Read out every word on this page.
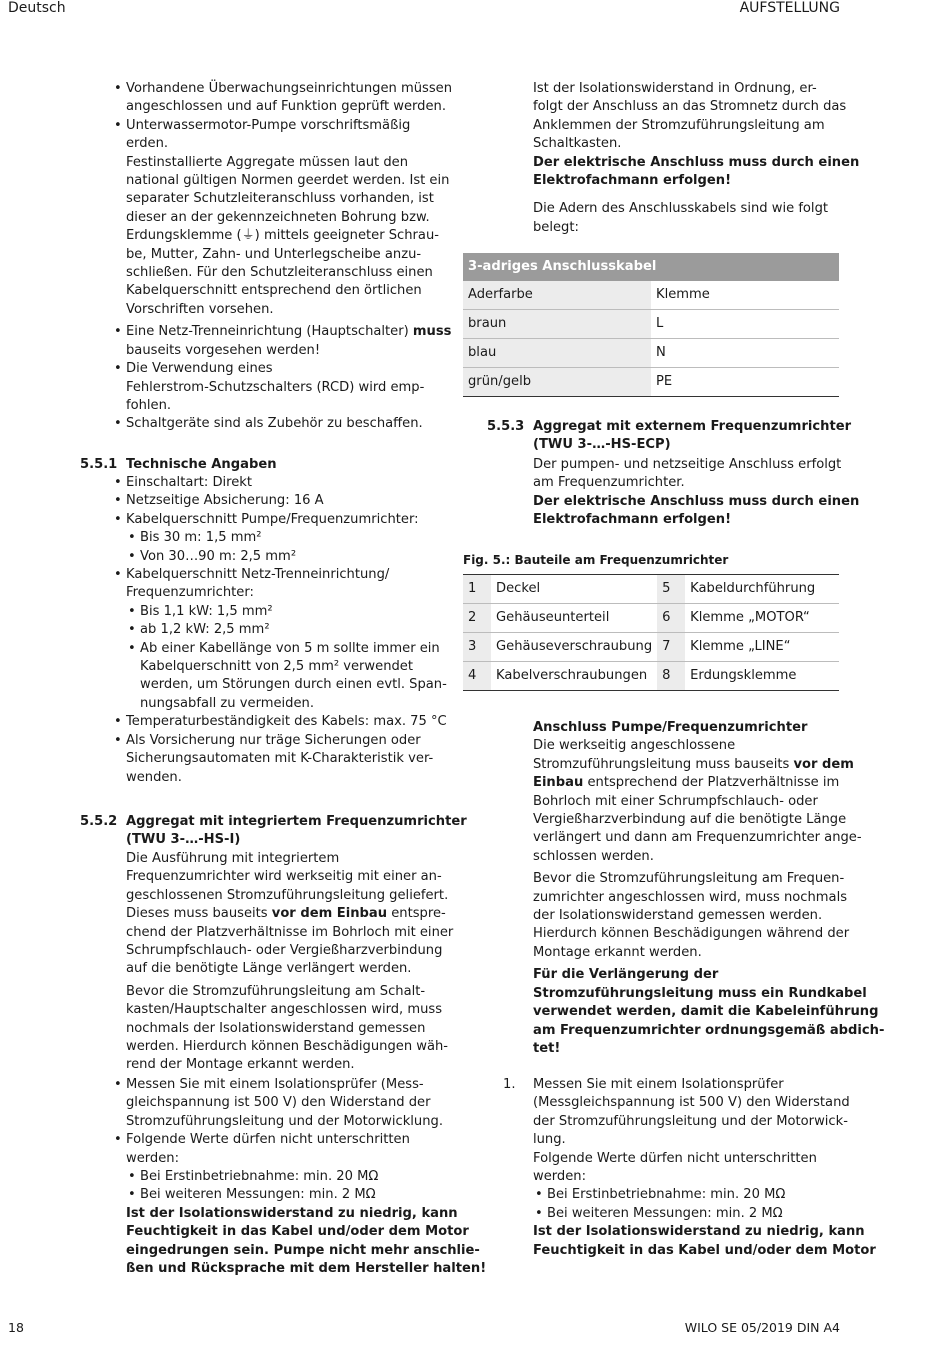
Deutsch	AUFSTELLUNG
18	WILO SE 05/2019 DIN A4
• Vorhandene Überwachungseinrichtungen müssen
angeschlossen und auf Funktion geprüft werden.
• Unterwassermotor-Pumpe vorschriftsmäßig
erden.
Festinstallierte Aggregate müssen laut den
national gültigen Normen geerdet werden. Ist ein
separater Schutzleiteranschluss vorhanden, ist
dieser an der gekennzeichneten Bohrung bzw.
Erdungsklemme (⏚) mittels geeigneter Schrau-
be, Mutter, Zahn- und Unterlegscheibe anzu-
schließen. Für den Schutzleiteranschluss einen
Kabelquerschnitt entsprechend den örtlichen
Vorschriften vorsehen.
• Eine Netz-Trenneinrichtung (Hauptschalter) muss
bauseits vorgesehen werden!
• Die Verwendung eines
Fehlerstrom-Schutzschalters (RCD) wird emp-
fohlen.
• Schaltgeräte sind als Zubehör zu beschaffen.
5.5.1 Technische Angaben
• Einschaltart: Direkt
• Netzseitige Absicherung: 16 A
• Kabelquerschnitt Pumpe/Frequenzumrichter:
• Bis 30 m: 1,5 mm²
• Von 30…90 m: 2,5 mm²
• Kabelquerschnitt Netz-Trenneinrichtung/
Frequenzumrichter:
• Bis 1,1 kW: 1,5 mm²
• ab 1,2 kW: 2,5 mm²
• Ab einer Kabellänge von 5 m sollte immer ein
Kabelquerschnitt von 2,5 mm² verwendet
werden, um Störungen durch einen evtl. Span-
nungsabfall zu vermeiden.
• Temperaturbeständigkeit des Kabels: max. 75 °C
• Als Vorsicherung nur träge Sicherungen oder
Sicherungsautomaten mit K-Charakteristik ver-
wenden.
5.5.2 Aggregat mit integriertem Frequenzumrichter
(TWU 3-…-HS-I)
Die Ausführung mit integriertem
Frequenzumrichter wird werkseitig mit einer an-
geschlossenen Stromzuführungsleitung geliefert.
Dieses muss bauseits vor dem Einbau entspre-
chend der Platzverhältnisse im Bohrloch mit einer
Schrumpfschlauch- oder Vergießharzverbindung
auf die benötigte Länge verlängert werden.
Bevor die Stromzuführungsleitung am Schalt-
kasten/Hauptschalter angeschlossen wird, muss
nochmals der Isolationswiderstand gemessen
werden. Hierdurch können Beschädigungen wäh-
rend der Montage erkannt werden.
• Messen Sie mit einem Isolationsprüfer (Mess-
gleichspannung ist 500 V) den Widerstand der
Stromzuführungsleitung und der Motorwicklung.
• Folgende Werte dürfen nicht unterschritten
werden:
• Bei Erstinbetriebnahme: min. 20 MΩ
• Bei weiteren Messungen: min. 2 MΩ
Ist der Isolationswiderstand zu niedrig, kann
Feuchtigkeit in das Kabel und/oder dem Motor
eingedrungen sein. Pumpe nicht mehr anschlie-
ßen und Rücksprache mit dem Hersteller halten!
Ist der Isolationswiderstand in Ordnung, er-
folgt der Anschluss an das Stromnetz durch das
Anklemmen der Stromzuführungsleitung am
Schaltkasten.
Der elektrische Anschluss muss durch einen
Elektrofachmann erfolgen!
Die Adern des Anschlusskabels sind wie folgt
belegt:
3-adriges Anschlusskabel	
Aderfarbe	Klemme
braun	L
blau	N
grün/gelb	PE
5.5.3 Aggregat mit externem Frequenzumrichter
(TWU 3-…-HS-ECP)
Der pumpen- und netzseitige Anschluss erfolgt
am Frequenzumrichter.
Der elektrische Anschluss muss durch einen
Elektrofachmann erfolgen!
Fig. 5.: Bauteile am Frequenzumrichter
1	Deckel	5	Kabeldurchführung
2	Gehäuseunterteil	6	Klemme „MOTOR“
3	Gehäuseverschraubung	7	Klemme „LINE“
4	Kabelverschraubungen	8	Erdungsklemme
Anschluss Pumpe/Frequenzumrichter
Die werkseitig angeschlossene
Stromzuführungsleitung muss bauseits vor dem
Einbau entsprechend der Platzverhältnisse im
Bohrloch mit einer Schrumpfschlauch- oder
Vergießharzverbindung auf die benötigte Länge
verlängert und dann am Frequenzumrichter ange-
schlossen werden.
Bevor die Stromzuführungsleitung am Frequen-
zumrichter angeschlossen wird, muss nochmals
der Isolationswiderstand gemessen werden.
Hierdurch können Beschädigungen während der
Montage erkannt werden.
Für die Verlängerung der
Stromzuführungsleitung muss ein Rundkabel
verwendet werden, damit die Kabeleinführung
am Frequenzumrichter ordnungsgemäß abdich-
tet!
1. Messen Sie mit einem Isolationsprüfer
(Messgleichspannung ist 500 V) den Widerstand
der Stromzuführungsleitung und der Motorwick-
lung.
Folgende Werte dürfen nicht unterschritten
werden:
• Bei Erstinbetriebnahme: min. 20 MΩ
• Bei weiteren Messungen: min. 2 MΩ
Ist der Isolationswiderstand zu niedrig, kann
Feuchtigkeit in das Kabel und/oder dem Motor
